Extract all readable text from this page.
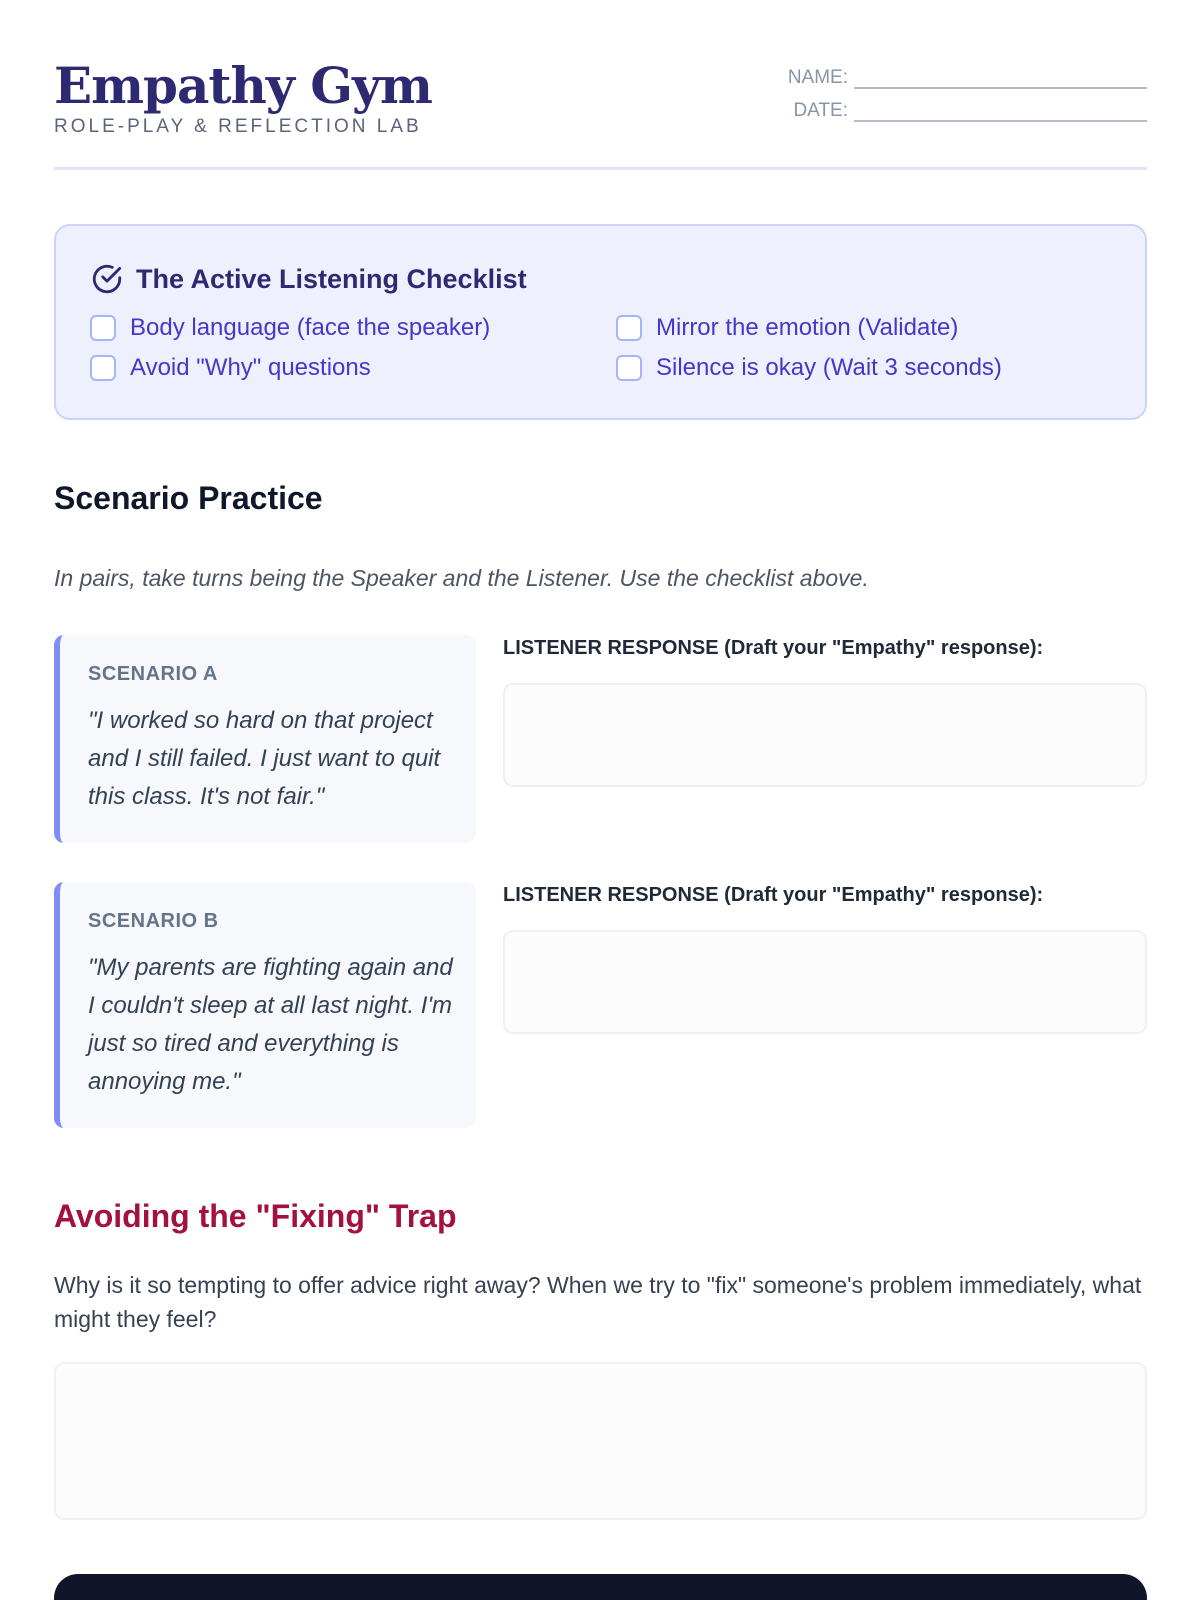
Empathy Gym
ROLE-PLAY & REFLECTION LAB
NAME:
DATE:
The Active Listening Checklist
Body language (face the speaker)	Mirror the emotion (Validate)
Avoid "Why" questions	Silence is okay (Wait 3 seconds)
Scenario Practice
In pairs, take turns being the Speaker and the Listener. Use the checklist above.
SCENARIO A
"I worked so hard on that project and I still failed. I just want to quit this class. It's not fair."
LISTENER RESPONSE (Draft your "Empathy" response):
SCENARIO B
"My parents are fighting again and I couldn't sleep at all last night. I'm just so tired and everything is annoying me."
LISTENER RESPONSE (Draft your "Empathy" response):
Avoiding the "Fixing" Trap
Why is it so tempting to offer advice right away? When we try to "fix" someone's problem immediately, what might they feel?
